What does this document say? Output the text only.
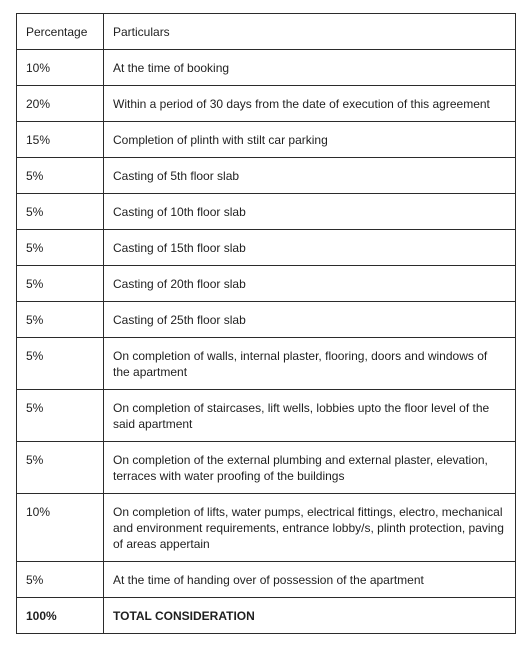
Percentage	Particulars
10%	At the time of booking
20%	Within a period of 30 days from the date of execution of this agreement
15%	Completion of plinth with stilt car parking
5%	Casting of 5th floor slab
5%	Casting of 10th floor slab
5%	Casting of 15th floor slab
5%	Casting of 20th floor slab
5%	Casting of 25th floor slab
5%	On completion of walls, internal plaster, flooring, doors and windows of the apartment
5%	On completion of staircases, lift wells, lobbies upto the floor level of the said apartment
5%	On completion of the external plumbing and external plaster, elevation, terraces with water proofing of the buildings
10%	On completion of lifts, water pumps, electrical fittings, electro, mechanical and environment requirements, entrance lobby/s, plinth protection, paving of areas appertain
5%	At the time of handing over of possession of the apartment
100%	TOTAL CONSIDERATION
